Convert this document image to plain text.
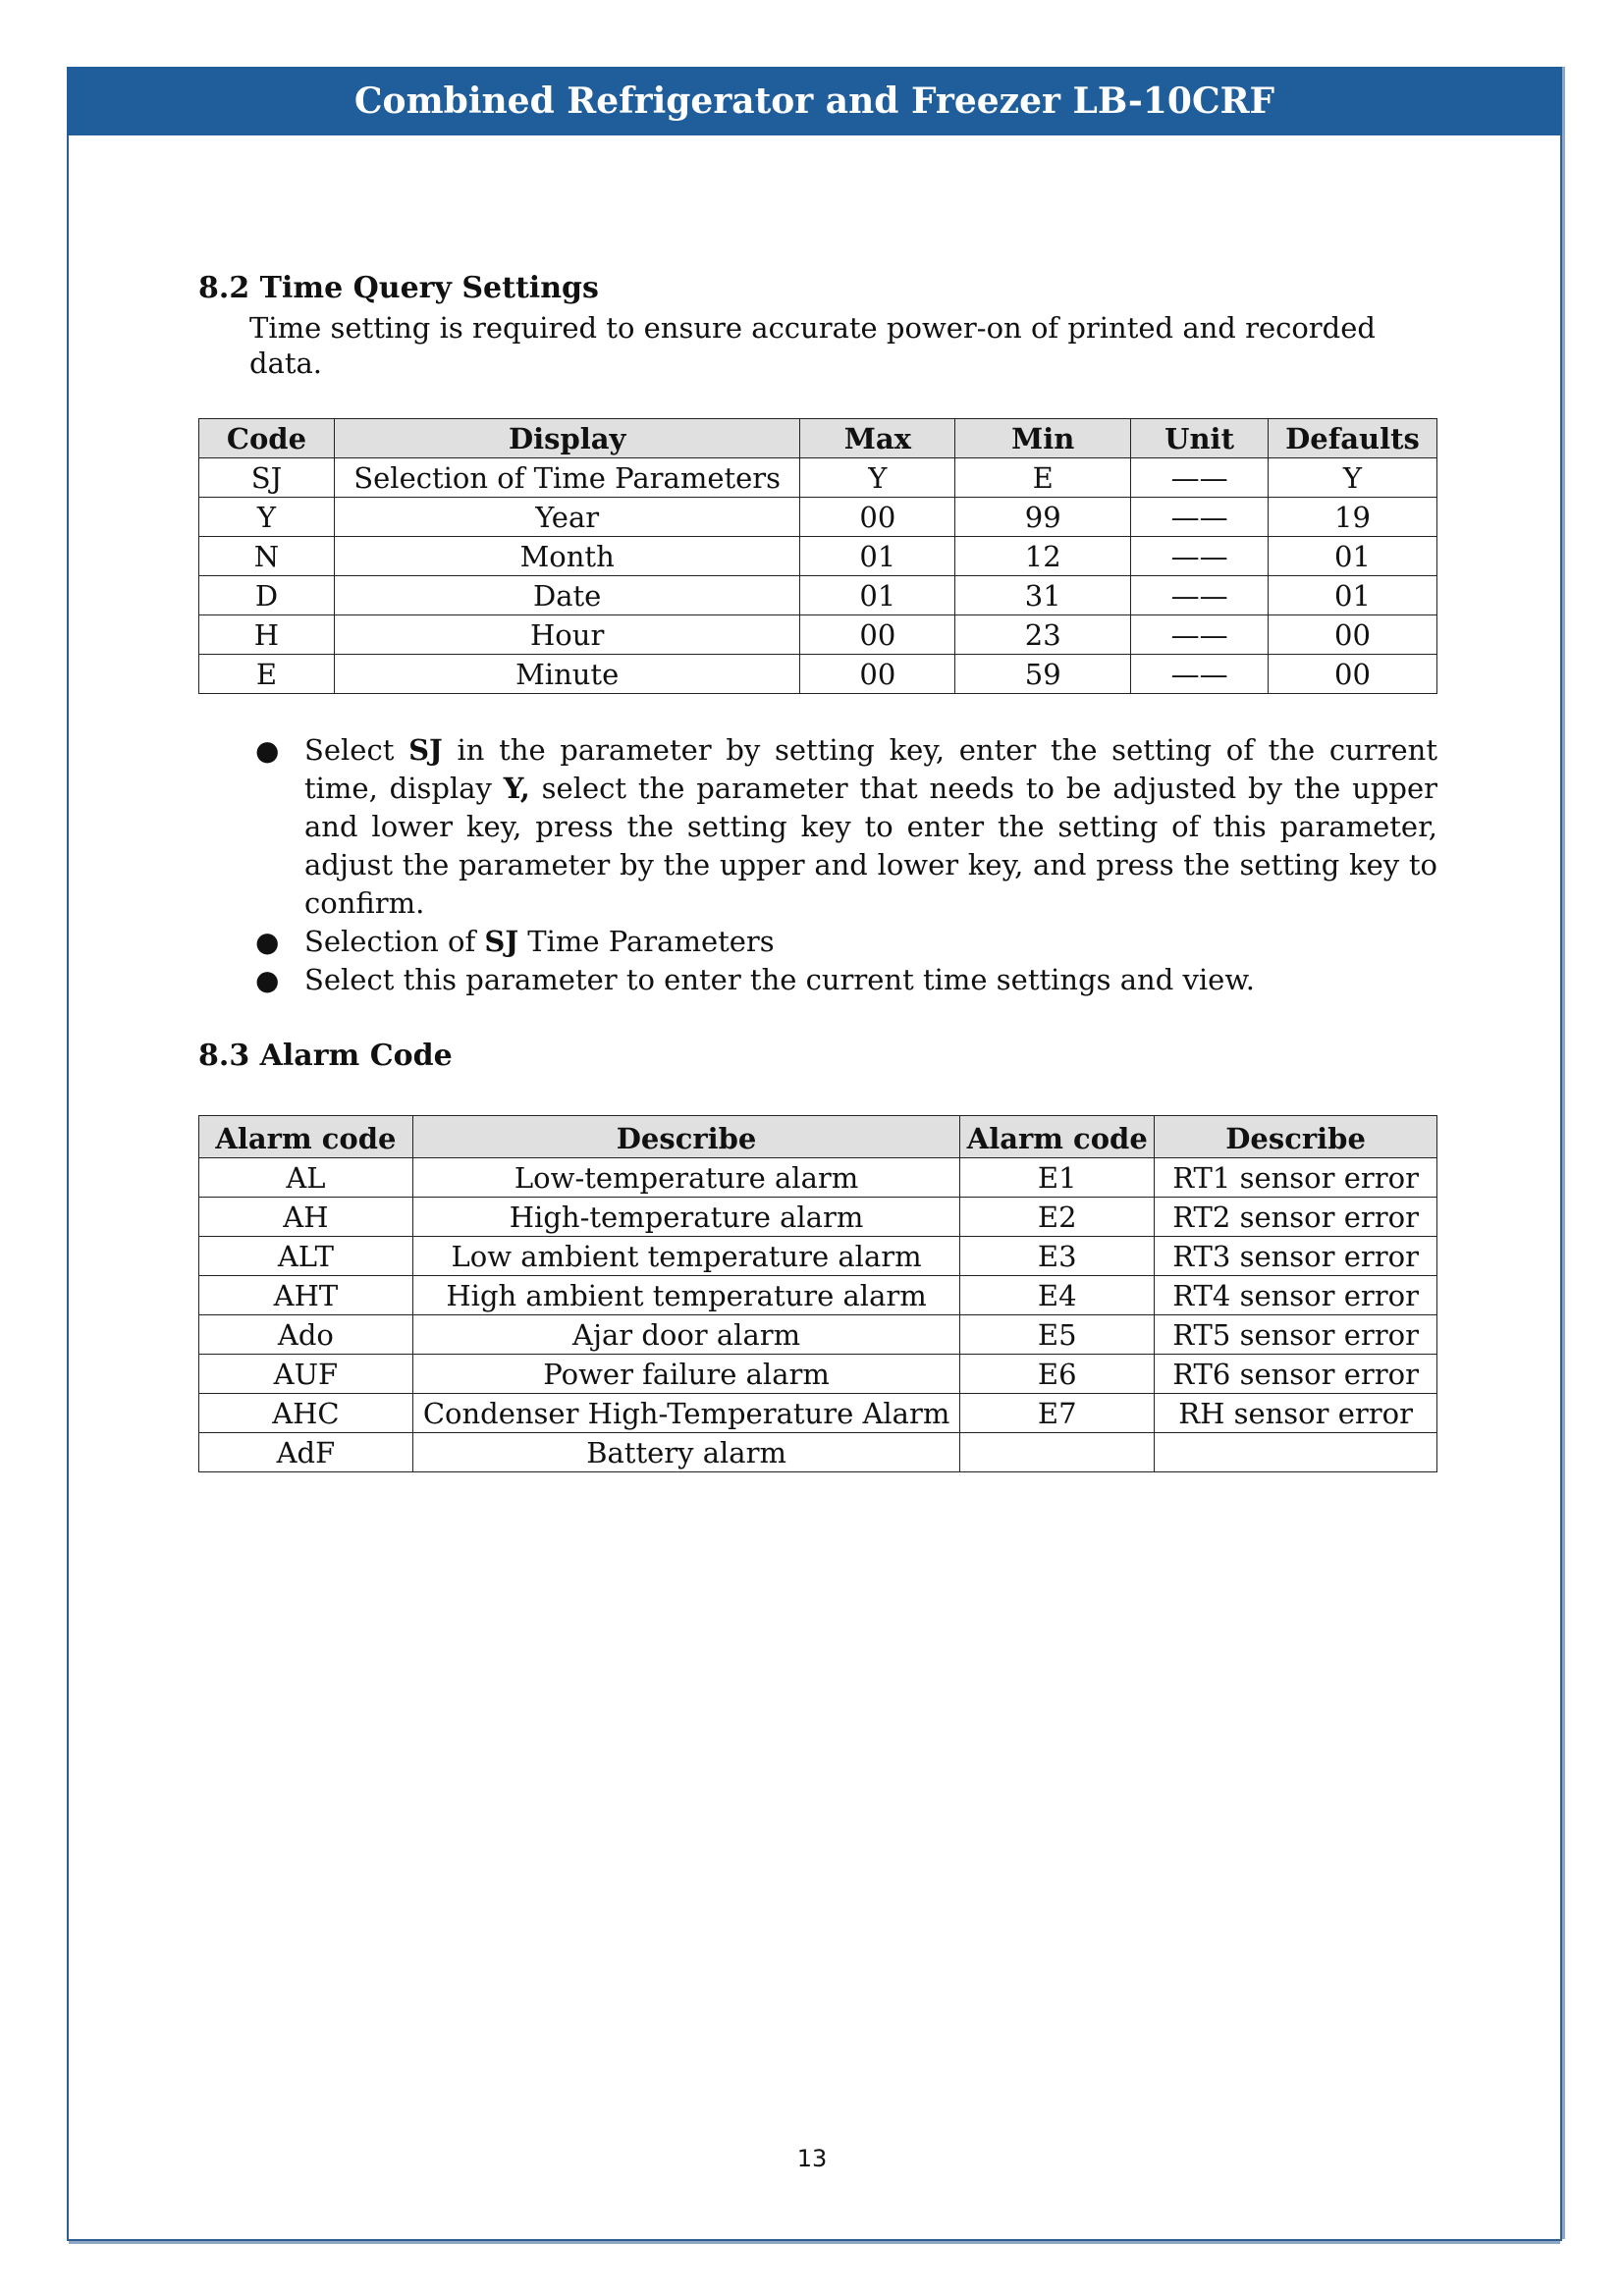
Combined Refrigerator and Freezer LB-10CRF
8.2 Time Query Settings
Time setting is required to ensure accurate power-on of printed and recorded data.
Code	Display	Max	Min	Unit	Defaults
SJ	Selection of Time Parameters	Y	E	——	Y
Y	Year	00	99	——	19
N	Month	01	12	——	01
D	Date	01	31	——	01
H	Hour	00	23	——	00
E	Minute	00	59	——	00
● Select SJ in the parameter by setting key, enter the setting of the current time, display Y, select the parameter that needs to be adjusted by the upper and lower key, press the setting key to enter the setting of this parameter, adjust the parameter by the upper and lower key, and press the setting key to confirm.
● Selection of SJ Time Parameters
● Select this parameter to enter the current time settings and view.
8.3 Alarm Code
Alarm code	Describe	Alarm code	Describe
AL	Low-temperature alarm	E1	RT1 sensor error
AH	High-temperature alarm	E2	RT2 sensor error
ALT	Low ambient temperature alarm	E3	RT3 sensor error
AHT	High ambient temperature alarm	E4	RT4 sensor error
Ado	Ajar door alarm	E5	RT5 sensor error
AUF	Power failure alarm	E6	RT6 sensor error
AHC	Condenser High-Temperature Alarm	E7	RH sensor error
AdF	Battery alarm		
13
